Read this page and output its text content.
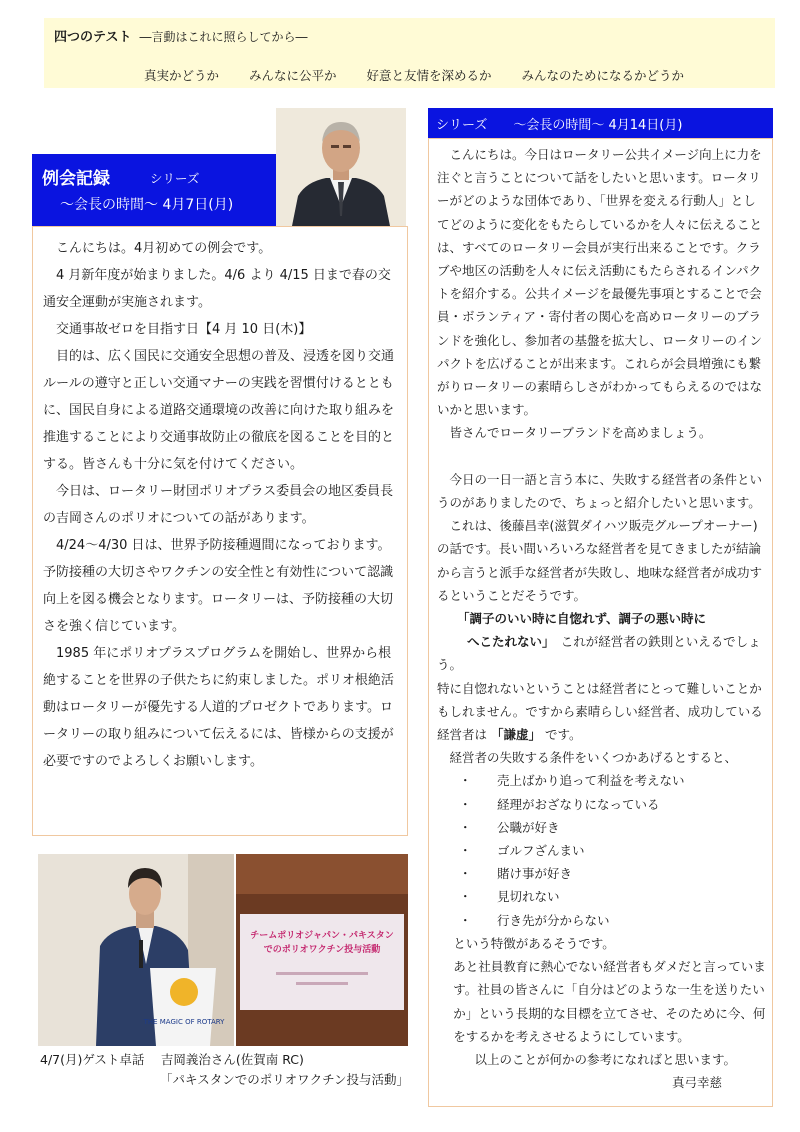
四つのテスト ―言動はこれに照らしてから―
真実かどうか みんなに公平か 好意と友情を深めるか みんなのためになるかどうか
例会記録	シリーズ
～会長の時間～ 4月7日(月)

こんにちは。4月初めての例会です。

4 月新年度が始まりました。4/6 より 4/15 日まで春の交通安全運動が実施されます。

交通事故ゼロを目指す日【4 月 10 日(木)】

目的は、広く国民に交通安全思想の普及、浸透を図り交通ルールの遵守と正しい交通マナーの実践を習慣付けるとともに、国民自身による道路交通環境の改善に向けた取り組みを推進することにより交通事故防止の徹底を図ることを目的とする。皆さんも十分に気を付けてください。

今日は、ロータリー財団ポリオプラス委員会の地区委員長の吉岡さんのポリオについての話があります。

4/24～4/30 日は、世界予防接種週間になっております。予防接種の大切さやワクチンの安全性と有効性について認識向上を図る機会となります。ロータリーは、予防接種の大切さを強く信じています。

1985 年にポリオプラスプログラムを開始し、世界から根絶することを世界の子供たちに約束しました。ポリオ根絶活動はロータリーが優先する人道的プロゼクトであります。ロータリーの取り組みについて伝えるには、皆様からの支援が必要ですのでよろしくお願いします。

THE MAGIC OF ROTARY
チームポリオジャパン・パキスタン
でのポリオワクチン投与活動
4/7(月)ゲスト卓話　 吉岡義治さん(佐賀南 RC)
「パキスタンでのポリオワクチン投与活動」
シリーズ　　～会長の時間～ 4月14日(月)

こんにちは。今日はロータリー公共イメージ向上に力を注ぐと言うことについて話をしたいと思います。ロータリーがどのような団体であり、「世界を変える行動人」としてどのように変化をもたらしているかを人々に伝えることは、すべてのロータリー会員が実行出来ることです。クラブや地区の活動を人々に伝え活動にもたらされるインパクトを紹介する。公共イメージを最優先事項とすることで会員・ボランティア・寄付者の関心を高めロータリーのブランドを強化し、参加者の基盤を拡大し、ロータリーのインパクトを広げることが出来ます。これらが会員増強にも繋がりロータリーの素晴らしさがわかってもらえるのではないかと思います。

皆さんでロータリーブランドを高めましょう。

今日の一日一語と言う本に、失敗する経営者の条件というのがありましたので、ちょっと紹介したいと思います。

これは、後藤昌幸(滋賀ダイハツ販売グループオーナー)の話です。長い間いろいろな経営者を見てきましたが結論から言うと派手な経営者が失敗し、地味な経営者が成功するということだそうです。

「調子のいい時に自惚れず、調子の悪い時に
へこたれない」　これが経営者の鉄則といえるでしょう。

特に自惚れないということは経営者にとって難しいことかもしれません。ですから素晴らしい経営者、成功している経営者は 「謙虚」 です。

経営者の失敗する条件をいくつかあげるとすると、

・ 売上ばかり追って利益を考えない
・ 経理がおざなりになっている
・ 公職が好き
・ ゴルフざんまい
・ 賭け事が好き
・ 見切れない
・ 行き先が分からない

という特徴があるそうです。

あと社員教育に熱心でない経営者もダメだと言っています。社員の皆さんに「自分はどのような一生を送りたいか」という長期的な目標を立てさせ、そのために今、何をするかを考えさせるようにしています。

以上のことが何かの参考になればと思います。

真弓幸慈
